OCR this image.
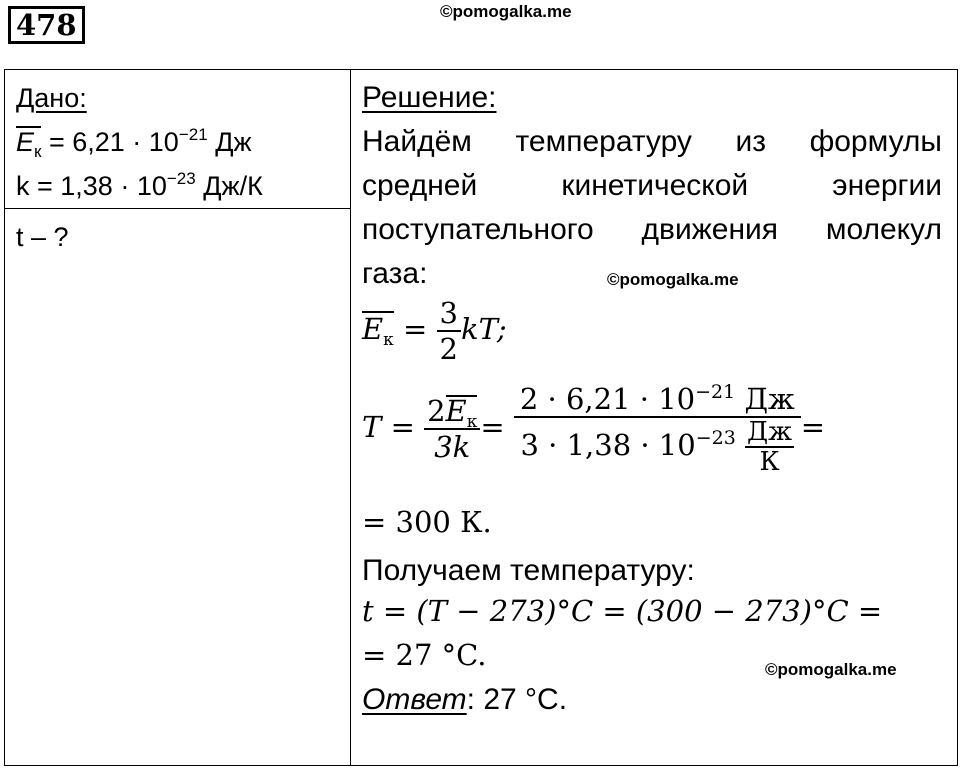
478	©pomogalka.me
©pomogalka.me
©pomogalka.me
Дано:
$E_к = 6,21 \cdot 10^{-21}$ Дж
$k = 1,38 \cdot 10^{-23}$ Дж/К
t – ?
Решение:
Найдём температуру из формулы
средней кинетической энергии
поступательного движения молекул
газа:
$E_к = \frac{3}{2}$ kT;
$T = \frac{2E_к}{3k} = \frac{2 \cdot 6,21 \cdot 10^{-21} Дж}{3 \cdot 1,38 \cdot 10^{-23} \frac{Дж}{К}}$ =
= 300 К.
Получаем температуру:
t = (T − 273)°C = (300 − 273)°C =
= 27 °C.
Ответ: 27 °С.
